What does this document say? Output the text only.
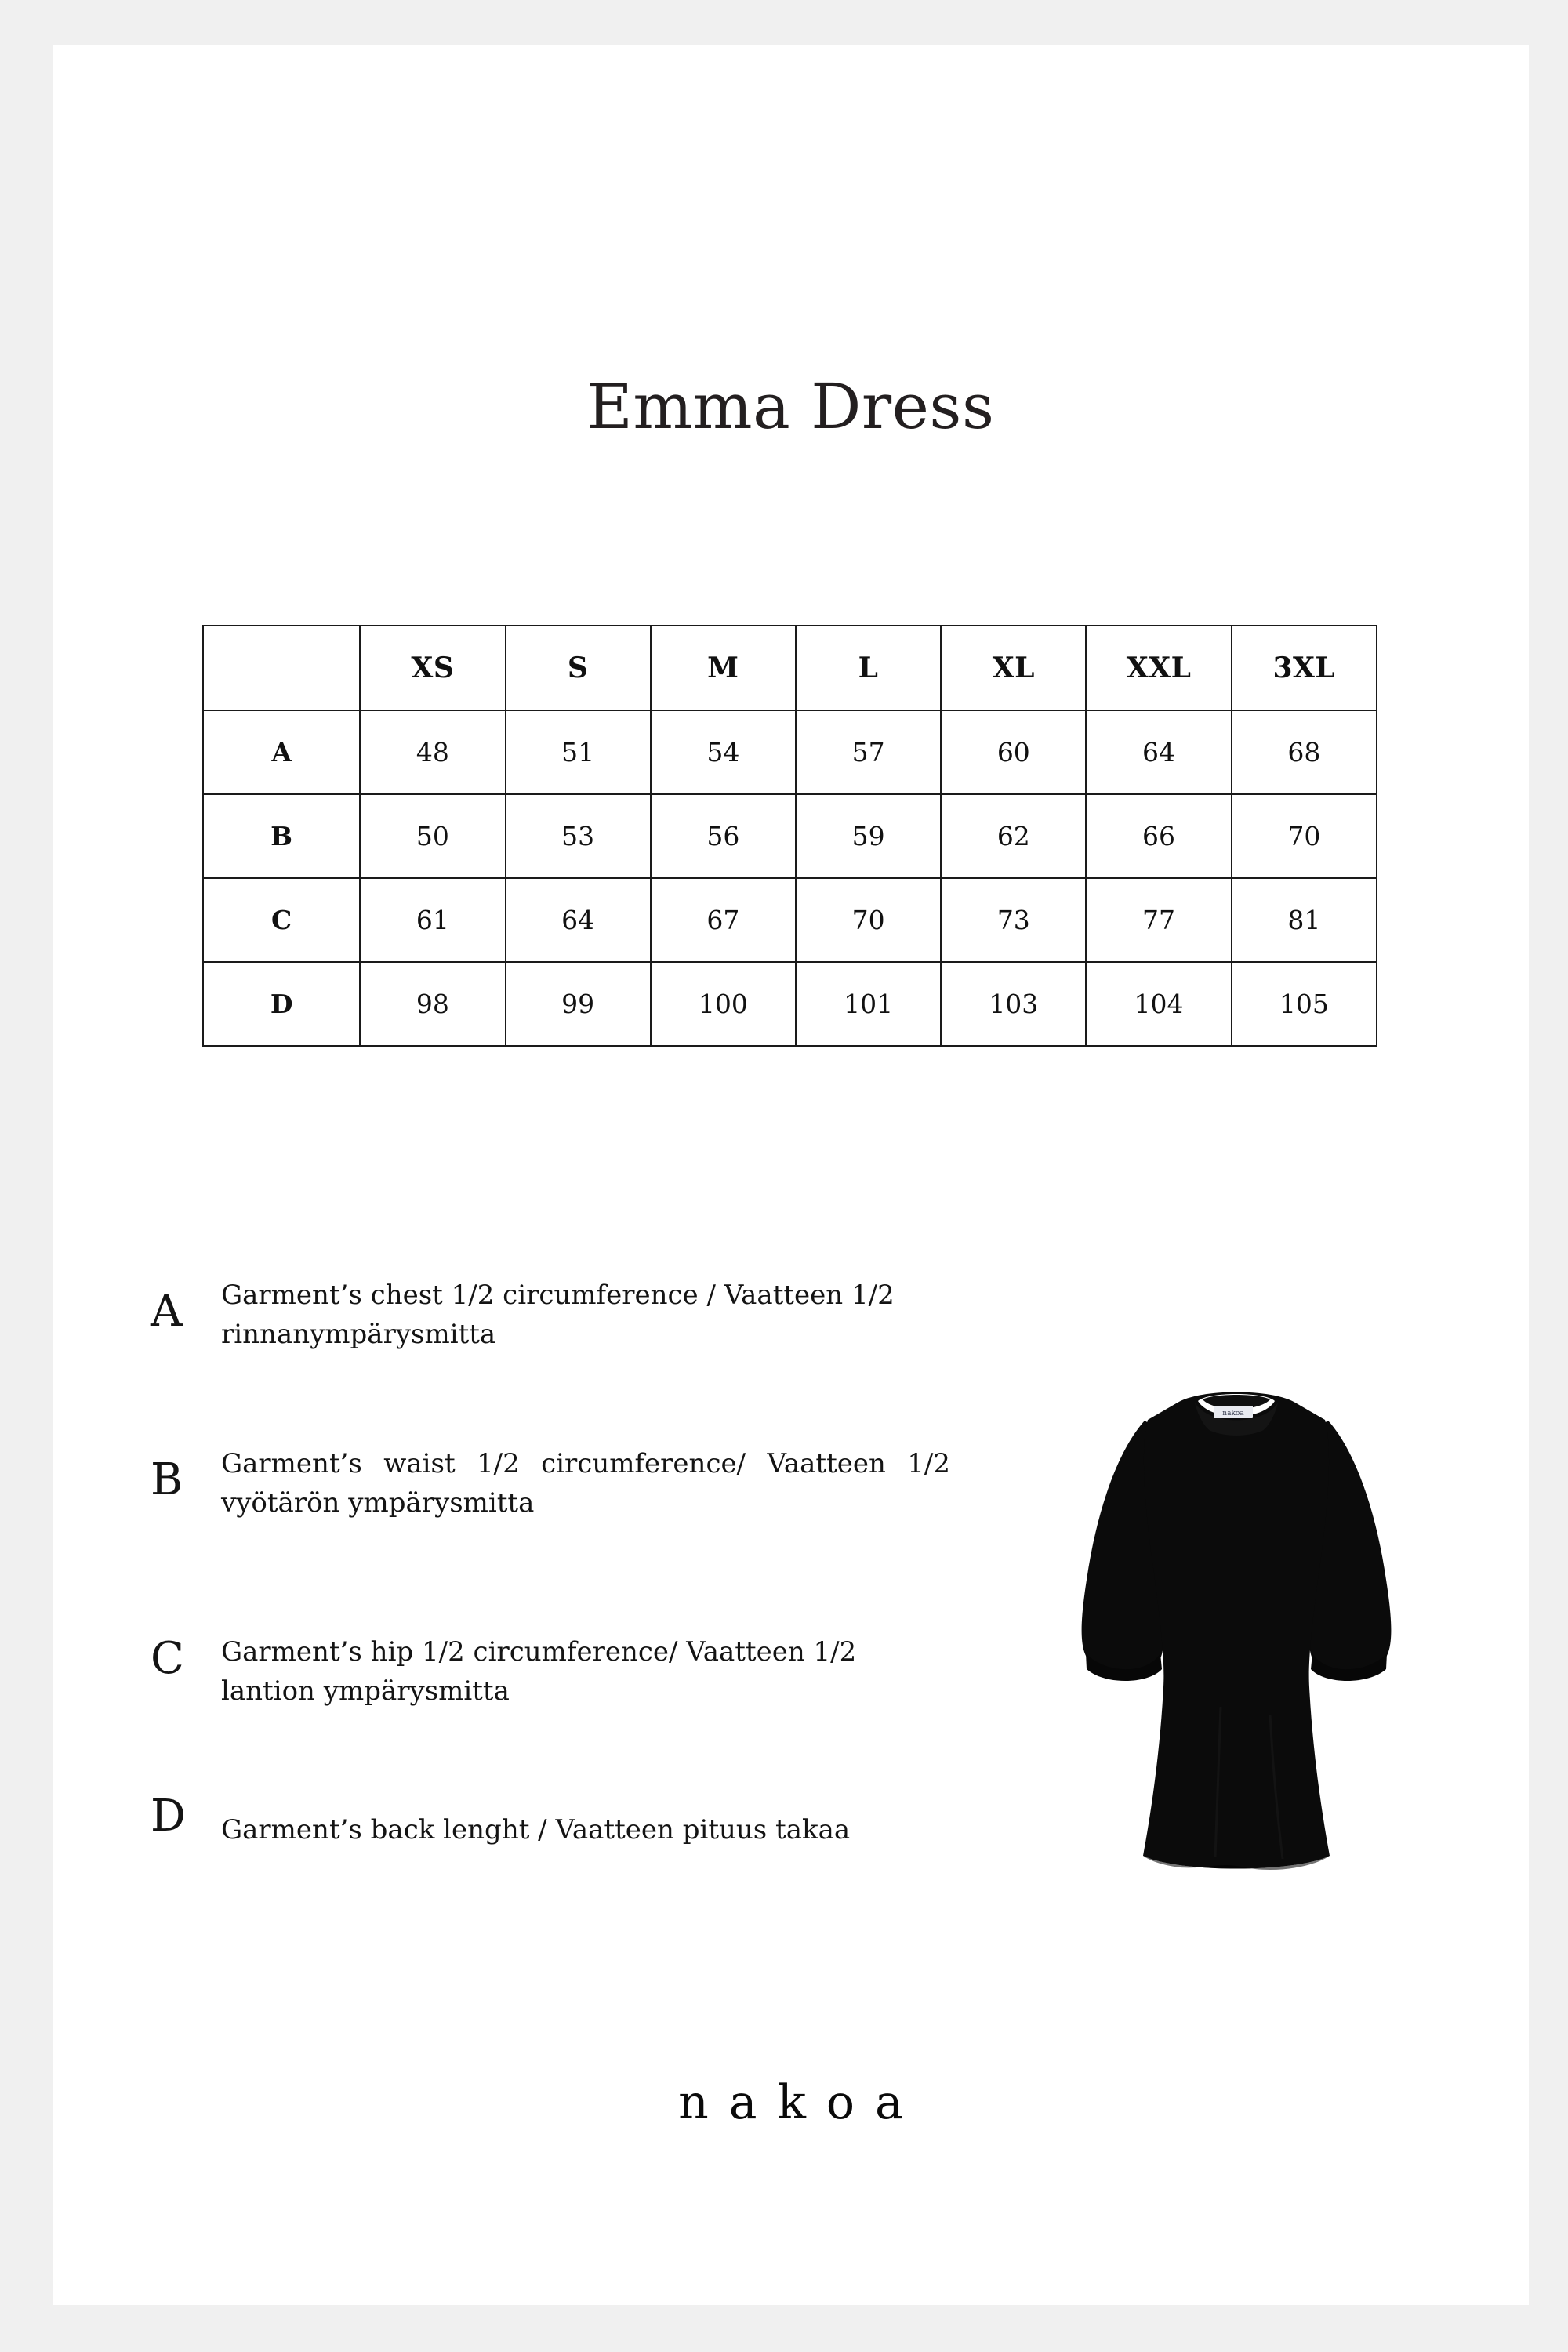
Emma Dress
	XS	S	M	L	XL	XXL	3XL
A	48	51	54	57	60	64	68
B	50	53	56	59	62	66	70
C	61	64	67	70	73	77	81
D	98	99	100	101	103	104	105
A	Garment’s chest 1/2 circumference / Vaatteen 1/2 rinnanympärysmitta
B	Garment’s waist 1/2 circumference/ Vaatteen 1/2 vyötärön ympärysmitta
C	Garment’s hip 1/2 circumference/ Vaatteen 1/2 lantion ympärysmitta
D	Garment’s back lenght / Vaatteen pituus takaa
nakoa
nakoa
